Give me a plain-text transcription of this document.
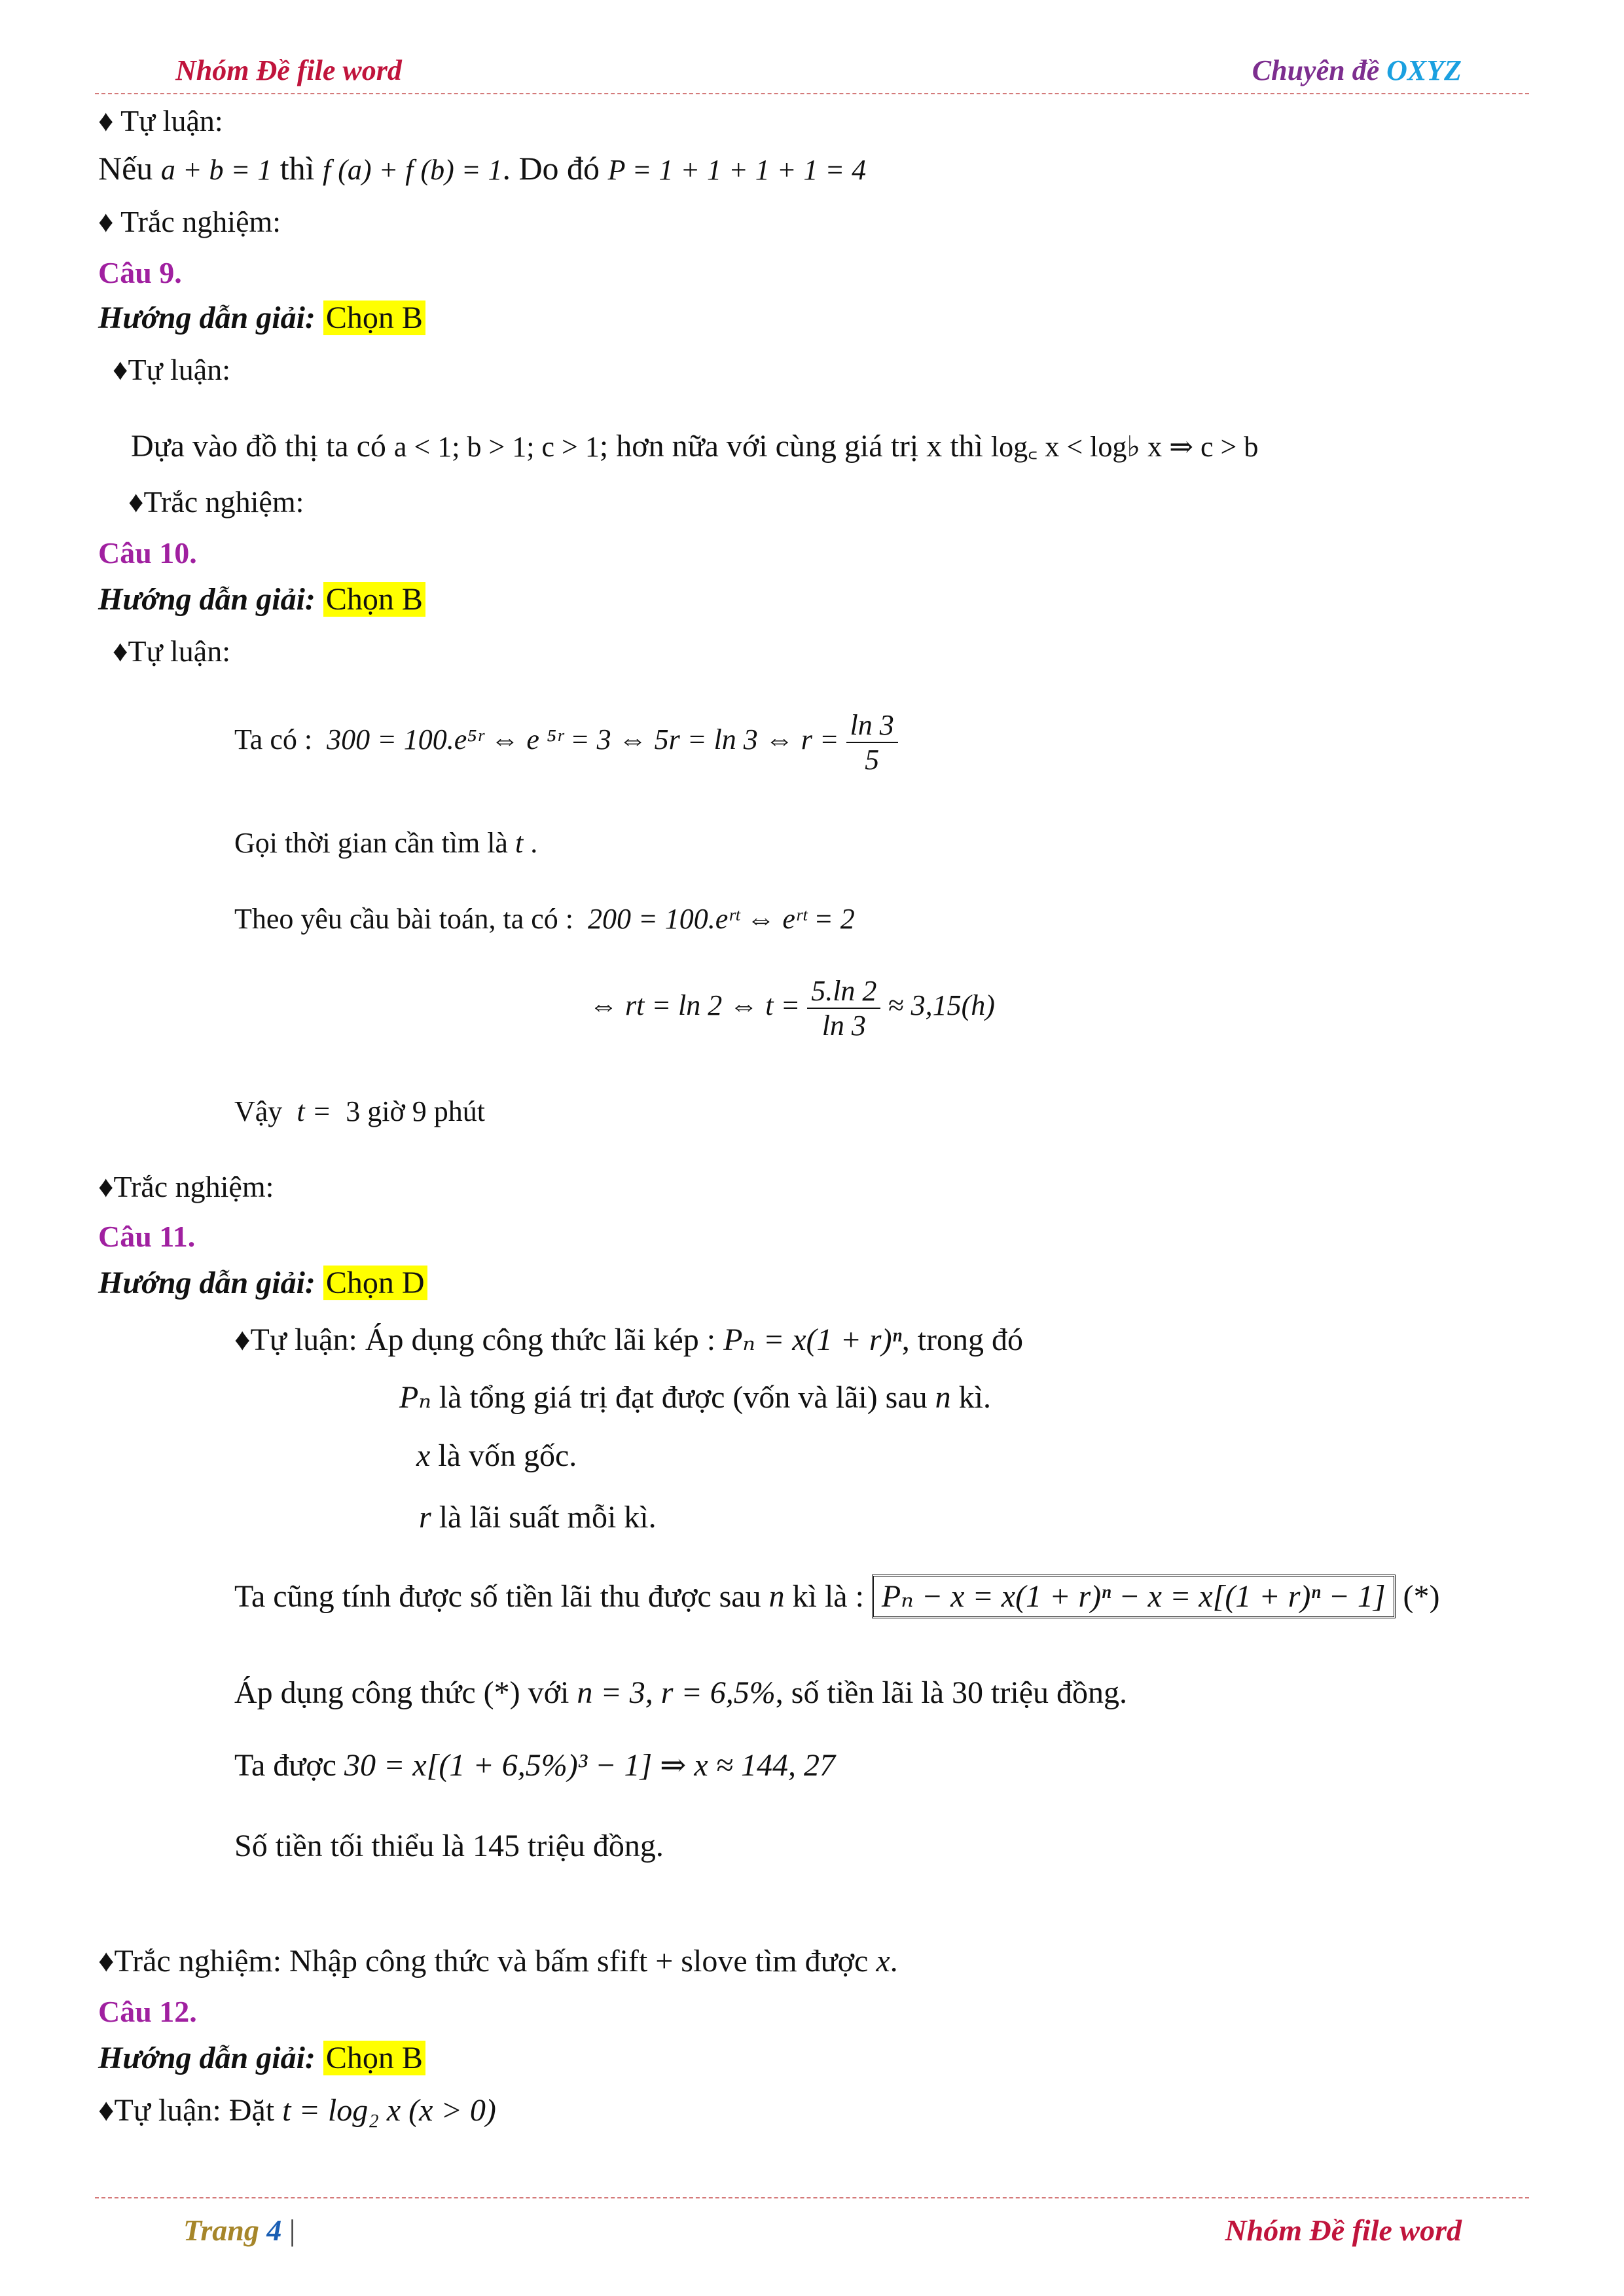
Nhóm Đề file word	Chuyên đề OXYZ
♦ Tự luận:
Nếu a + b = 1 thì f (a) + f (b) = 1. Do đó P = 1 + 1 + 1 + 1 = 4
♦ Trắc nghiệm:
Câu 9.
Hướng dẫn giải: Chọn B
♦Tự luận:
Dựa vào đồ thị ta có a < 1; b > 1; c > 1; hơn nữa với cùng giá trị x thì log꜀ x < log♭ x ⇒ c > b
♦Trắc nghiệm:
Câu 10.
Hướng dẫn giải: Chọn B
♦Tự luận:
Ta có : 300 = 100.e⁵ʳ ⇔ e ⁵ʳ = 3 ⇔ 5r = ln 3 ⇔ $r = \frac{\ln 3}{5}$
Gọi thời gian cần tìm là t .
Theo yêu cầu bài toán, ta có : 200 = 100.eʳᵗ ⇔ eʳᵗ = 2
⇔ rt = ln 2 ⇔ $t = \frac{5.\ln 2}{\ln 3} \approx 3,15(h)$
Vậy t = 3 giờ 9 phút
♦Trắc nghiệm:
Câu 11.
Hướng dẫn giải: Chọn D
♦Tự luận: Áp dụng công thức lãi kép : Pₙ = x(1 + r)ⁿ, trong đó
Pₙ là tổng giá trị đạt được (vốn và lãi) sau n kì.
x là vốn gốc.
r là lãi suất mỗi kì.
Ta cũng tính được số tiền lãi thu được sau n kì là : Pₙ − x = x(1 + r)ⁿ − x = x[(1 + r)ⁿ − 1] (*)
Áp dụng công thức (*) với n = 3, r = 6,5%, số tiền lãi là 30 triệu đồng.
Ta được 30 = x[(1 + 6,5%)³ − 1] ⇒ x ≈ 144, 27
Số tiền tối thiểu là 145 triệu đồng.
♦Trắc nghiệm: Nhập công thức và bấm sfift + slove tìm được x.
Câu 12.
Hướng dẫn giải: Chọn B
♦Tự luận: Đặt t = log₂ x (x > 0)
Trang 4 |	Nhóm Đề file word
